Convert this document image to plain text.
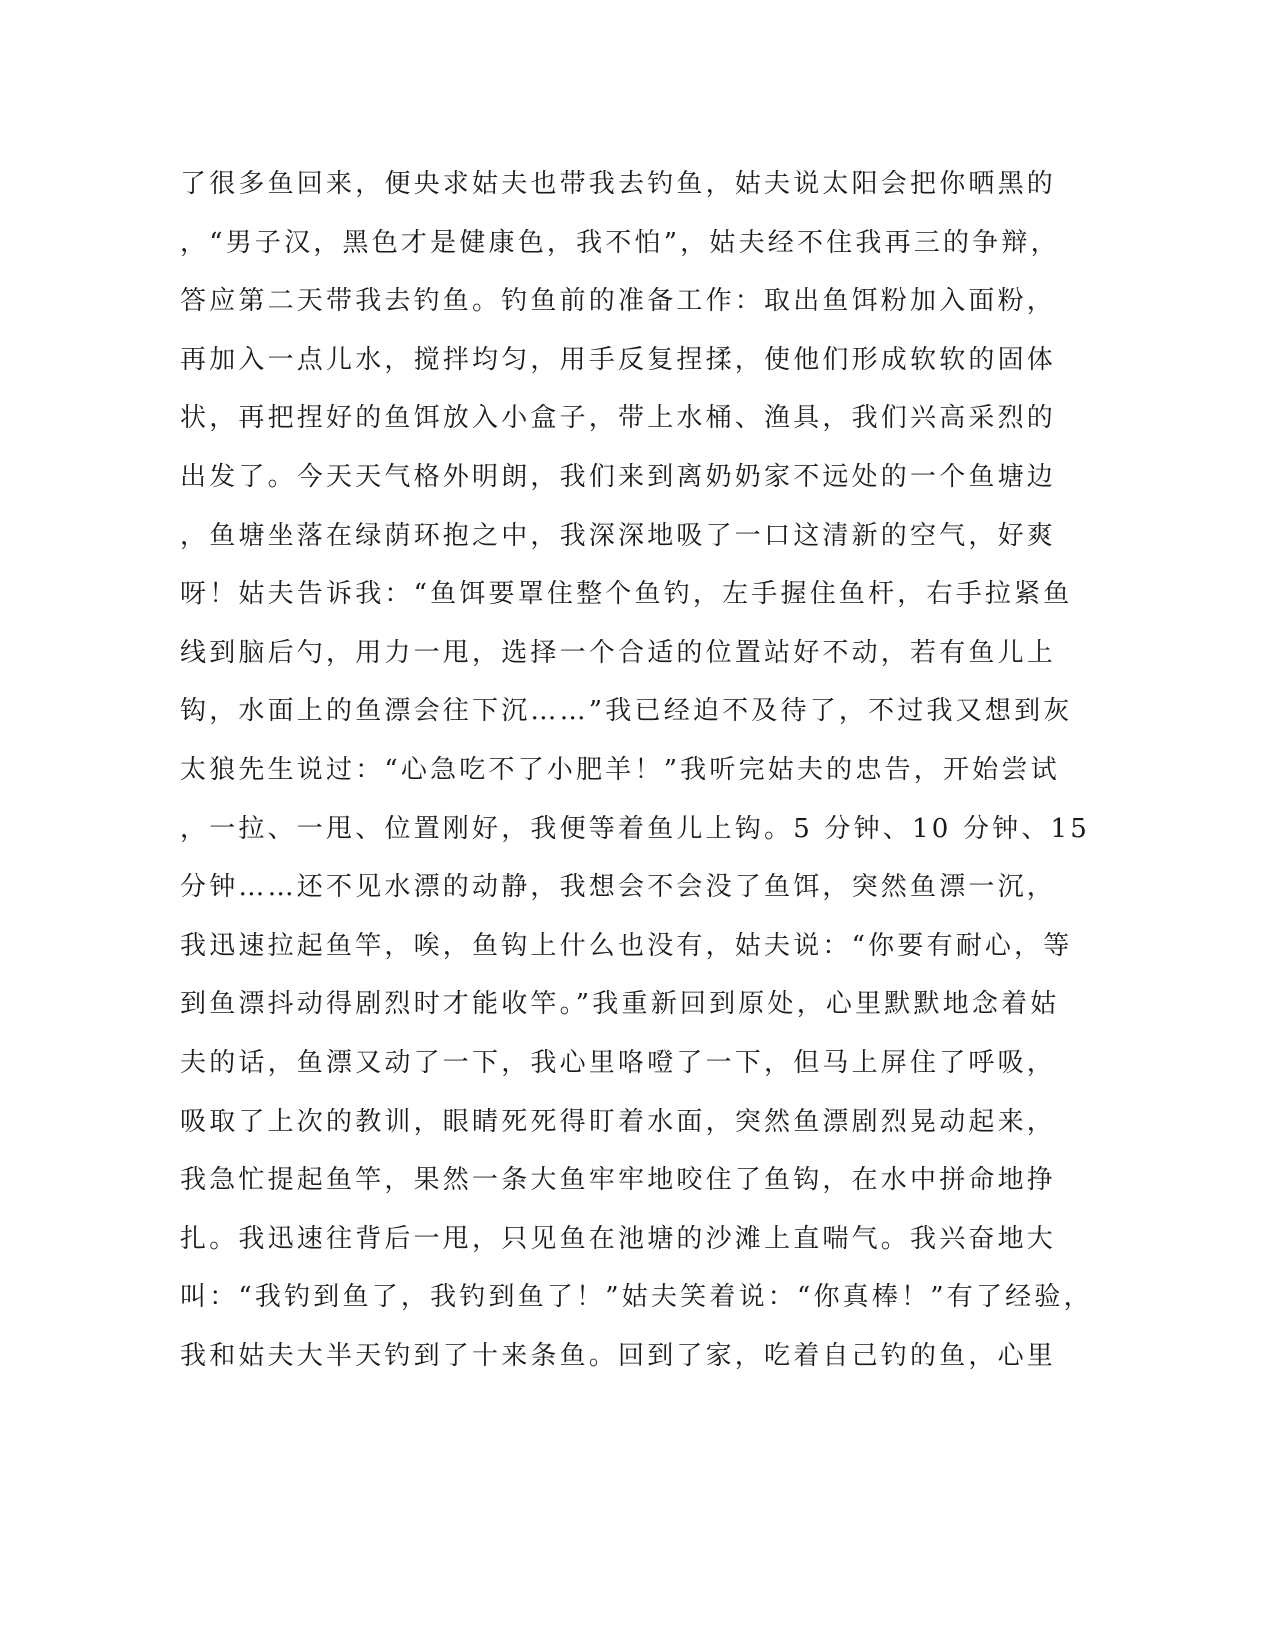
了很多鱼回来，便央求姑夫也带我去钓鱼，姑夫说太阳会把你晒黑的
，“男子汉，黑色才是健康色，我不怕”，姑夫经不住我再三的争辩，
答应第二天带我去钓鱼。钓鱼前的准备工作：取出鱼饵粉加入面粉，
再加入一点儿水，搅拌均匀，用手反复捏揉，使他们形成软软的固体
状，再把捏好的鱼饵放入小盒子，带上水桶、渔具，我们兴高采烈的
出发了。今天天气格外明朗，我们来到离奶奶家不远处的一个鱼塘边
，鱼塘坐落在绿荫环抱之中，我深深地吸了一口这清新的空气，好爽
呀！姑夫告诉我：“鱼饵要罩住整个鱼钓，左手握住鱼杆，右手拉紧鱼
线到脑后勺，用力一甩，选择一个合适的位置站好不动，若有鱼儿上
钩，水面上的鱼漂会往下沉……”我已经迫不及待了，不过我又想到灰
太狼先生说过：“心急吃不了小肥羊！”我听完姑夫的忠告，开始尝试
，一拉、一甩、位置刚好，我便等着鱼儿上钩。5 分钟、10 分钟、15
分钟……还不见水漂的动静，我想会不会没了鱼饵，突然鱼漂一沉，
我迅速拉起鱼竿，唉，鱼钩上什么也没有，姑夫说：“你要有耐心，等
到鱼漂抖动得剧烈时才能收竿。”我重新回到原处，心里默默地念着姑
夫的话，鱼漂又动了一下，我心里咯噔了一下，但马上屏住了呼吸，
吸取了上次的教训，眼睛死死得盯着水面，突然鱼漂剧烈晃动起来，
我急忙提起鱼竿，果然一条大鱼牢牢地咬住了鱼钩，在水中拼命地挣
扎。我迅速往背后一甩，只见鱼在池塘的沙滩上直喘气。我兴奋地大
叫：“我钓到鱼了，我钓到鱼了！”姑夫笑着说：“你真棒！”有了经验，
我和姑夫大半天钓到了十来条鱼。回到了家，吃着自己钓的鱼，心里
